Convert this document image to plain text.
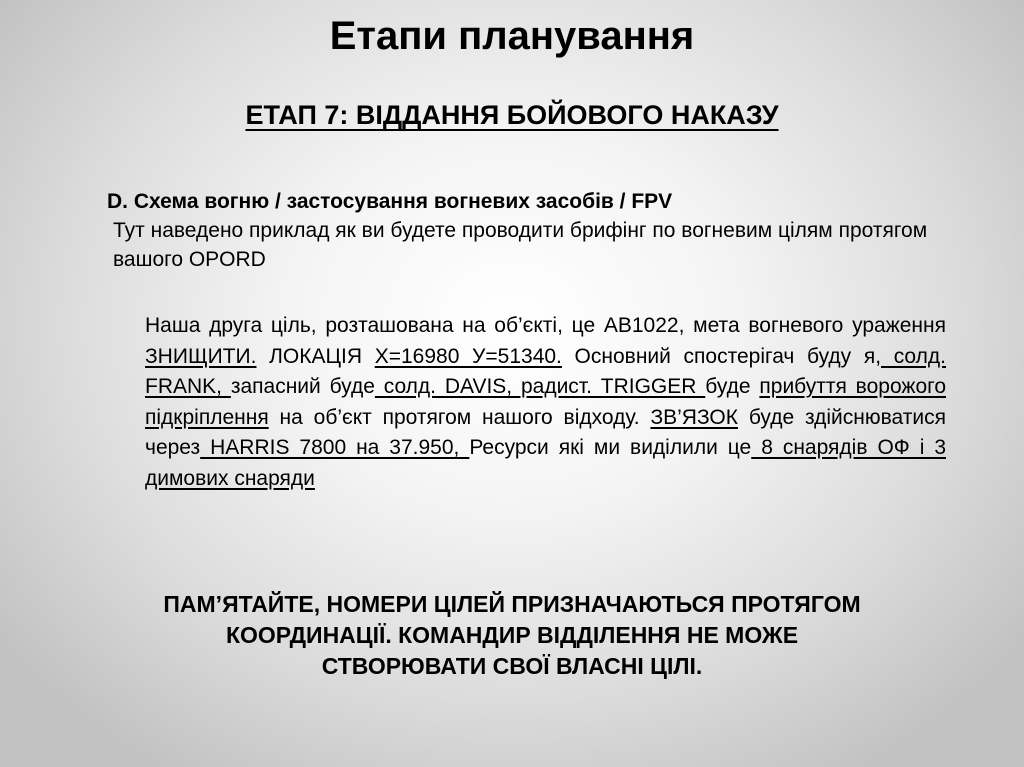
Етапи планування
ЕТАП 7: ВІДДАННЯ БОЙОВОГО НАКАЗУ
D. Схема вогню / застосування вогневих засобів / FPV
Тут наведено приклад як ви будете проводити брифінг по вогневим цілям протягом вашого OPORD
Наша друга ціль, розташована на об’єкті, це AB1022, мета вогневого ураження ЗНИЩИТИ. ЛОКАЦІЯ X=16980 У=51340. Основний спостерігач буду я, солд. FRANK, запасний буде солд. DAVIS, радист. TRIGGER буде прибуття ворожого підкріплення на об’єкт протягом нашого відходу. ЗВ’ЯЗОК буде здійснюватися через HARRIS 7800 на 37.950, Ресурси які ми виділили це 8 снарядів ОФ і 3 димових снаряди
ПАМ’ЯТАЙТЕ, НОМЕРИ ЦІЛЕЙ ПРИЗНАЧАЮТЬСЯ ПРОТЯГОМ
КООРДИНАЦІЇ. КОМАНДИР ВІДДІЛЕННЯ НЕ МОЖЕ
СТВОРЮВАТИ СВОЇ ВЛАСНІ ЦІЛІ.
